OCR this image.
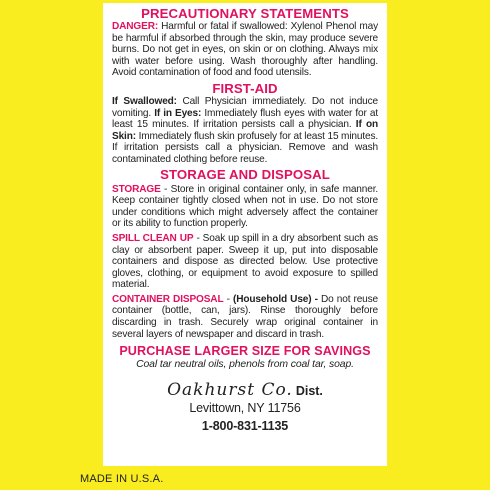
PRECAUTIONARY STATEMENTS

DANGER: Harmful or fatal if swallowed: Xylenol Phenol may be harmful if absorbed through the skin, may produce severe burns. Do not get in eyes, on skin or on clothing. Always mix with water before using. Wash thoroughly after handling. Avoid contamination of food and food utensils.

FIRST-AID

If Swallowed: Call Physician immediately. Do not induce vomiting. If in Eyes: Immediately flush eyes with water for at least 15 minutes. If irritation persists call a physician. If on Skin: Immediately flush skin profusely for at least 15 minutes. If irritation persists call a physician. Remove and wash contaminated clothing before reuse.

STORAGE AND DISPOSAL

STORAGE - Store in original container only, in safe manner. Keep container tightly closed when not in use. Do not store under conditions which might adversely affect the container or its ability to function properly.

SPILL CLEAN UP - Soak up spill in a dry absorbent such as clay or absorbent paper. Sweep it up, put into disposable containers and dispose as directed below. Use protective gloves, clothing, or equipment to avoid exposure to spilled material.

CONTAINER DISPOSAL - (Household Use) - Do not reuse container (bottle, can, jars). Rinse thoroughly before discarding in trash. Securely wrap original container in several layers of newspaper and discard in trash.

PURCHASE LARGER SIZE FOR SAVINGS

Coal tar neutral oils, phenols from coal tar, soap.

Oakhurst Co. Dist.

Levittown, NY 11756

1-800-831-1135

MADE IN U.S.A.
